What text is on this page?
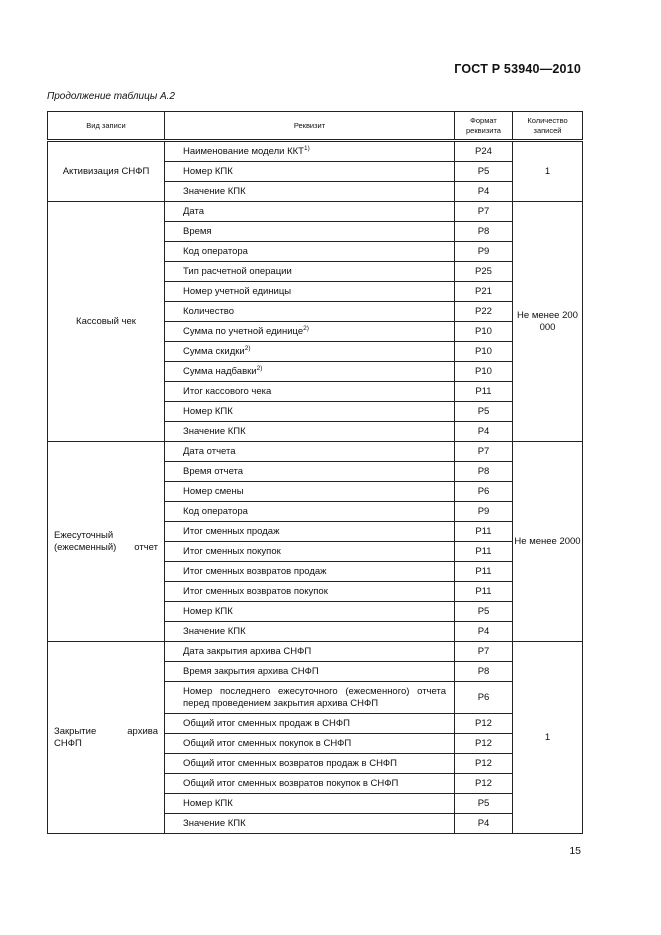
ГОСТ Р 53940—2010
Продолжение таблицы А.2
Вид записи	Реквизит	Формат реквизита	Количество записей
Активизация СНФП	Наименование модели ККТ$^{1)}$	P24	1
	Номер КПК	P5	
	Значение КПК	P4	
Кассовый чек	Дата	P7	Не менее 200 000
	Время	P8	
	Код оператора	P9	
	Тип расчетной операции	P25	
	Номер учетной единицы	P21	
	Количество	P22	
	Сумма по учетной единице$^{2)}$	P10	
	Сумма скидки$^{2)}$	P10	
	Сумма надбавки$^{2)}$	P10	
	Итог кассового чека	P11	
	Номер КПК	P5	
	Значение КПК	P4	
Ежесуточный (ежесменный) отчет	Дата отчета	P7	Не менее 2000
	Время отчета	P8	
	Номер смены	P6	
	Код оператора	P9	
	Итог сменных продаж	P11	
	Итог сменных покупок	P11	
	Итог сменных возвратов продаж	P11	
	Итог сменных возвратов покупок	P11	
	Номер КПК	P5	
	Значение КПК	P4	
Закрытие архива СНФП	Дата закрытия архива СНФП	P7	1
	Время закрытия архива СНФП	P8	
	Номер последнего ежесуточного (ежесменного) отчета перед проведением закрытия архива СНФП	P6	
	Общий итог сменных продаж в СНФП	P12	
	Общий итог сменных покупок в СНФП	P12	
	Общий итог сменных возвратов продаж в СНФП	P12	
	Общий итог сменных возвратов покупок в СНФП	P12	
	Номер КПК	P5	
	Значение КПК	P4	
15
